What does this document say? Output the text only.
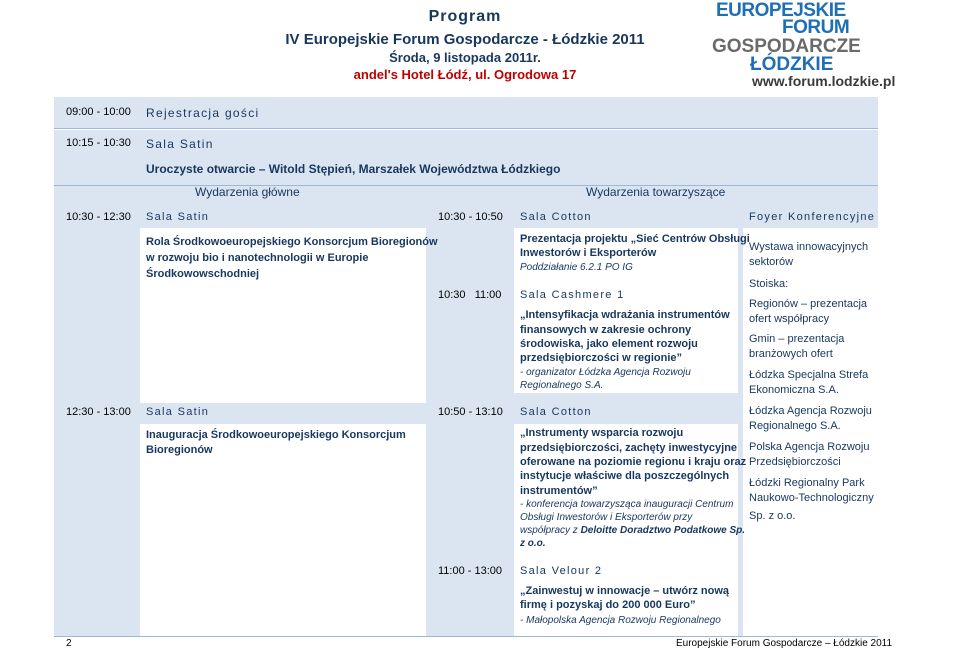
Program
IV Europejskie Forum Gospodarcze - Łódzkie 2011
Środa, 9 listopada 2011r.
andel's Hotel Łódź, ul. Ogrodowa 17
EUROPEJSKIE
FORUM
GOSPODARCZE
ŁÓDZKIE
www.forum.lodzkie.pl
09:00 - 10:00 Rejestracja gości
10:15 - 10:30 Sala Satin
Uroczyste otwarcie – Witold Stępień, Marszałek Województwa Łódzkiego
Wydarzenia główne	Wydarzenia towarzyszące
10:30 - 12:30 Sala Satin
Rola Środkowoeuropejskiego Konsorcjum Bioregionów
w rozwoju bio i nanotechnologii w Europie
Środkowowschodniej
10:30 - 10:50 Sala Cotton
Prezentacja projektu „Sieć Centrów Obsługi
Inwestorów i Eksporterów
Poddziałanie 6.2.1 PO IG
Foyer Konferencyjne
Wystawa innowacyjnych
sektorów
Stoiska:
Regionów – prezentacja
ofert współpracy
Gmin – prezentacja
branżowych ofert
Łódzka Specjalna Strefa
Ekonomiczna S.A.
Łódzka Agencja Rozwoju
Regionalnego S.A.
Polska Agencja Rozwoju
Przedsiębiorczości
Łódzki Regionalny Park
Naukowo-Technologiczny
Sp. z o.o.
10:30   11:00 Sala Cashmere 1
„Intensyfikacja wdrażania instrumentów
finansowych w zakresie ochrony
środowiska, jako element rozwoju
przedsiębiorczości w regionie”
- organizator Łódzka Agencja Rozwoju
Regionalnego S.A.
12:30 - 13:00 Sala Satin
Inauguracja Środkowoeuropejskiego Konsorcjum
Bioregionów
10:50 - 13:10 Sala Cotton
„Instrumenty wsparcia rozwoju
przedsiębiorczości, zachęty inwestycyjne
oferowane na poziomie regionu i kraju oraz
instytucje właściwe dla poszczególnych
instrumentów”
- konferencja towarzysząca inauguracji Centrum
Obsługi Inwestorów i Eksporterów przy
współpracy z Deloitte Doradztwo Podatkowe Sp.
z o.o.
11:00 - 13:00 Sala Velour 2
„Zainwestuj w innowacje – utwórz nową
firmę i pozyskaj do 200 000 Euro”
- Małopolska Agencja Rozwoju Regionalnego
2	Europejskie Forum Gospodarcze – Łódzkie 2011
